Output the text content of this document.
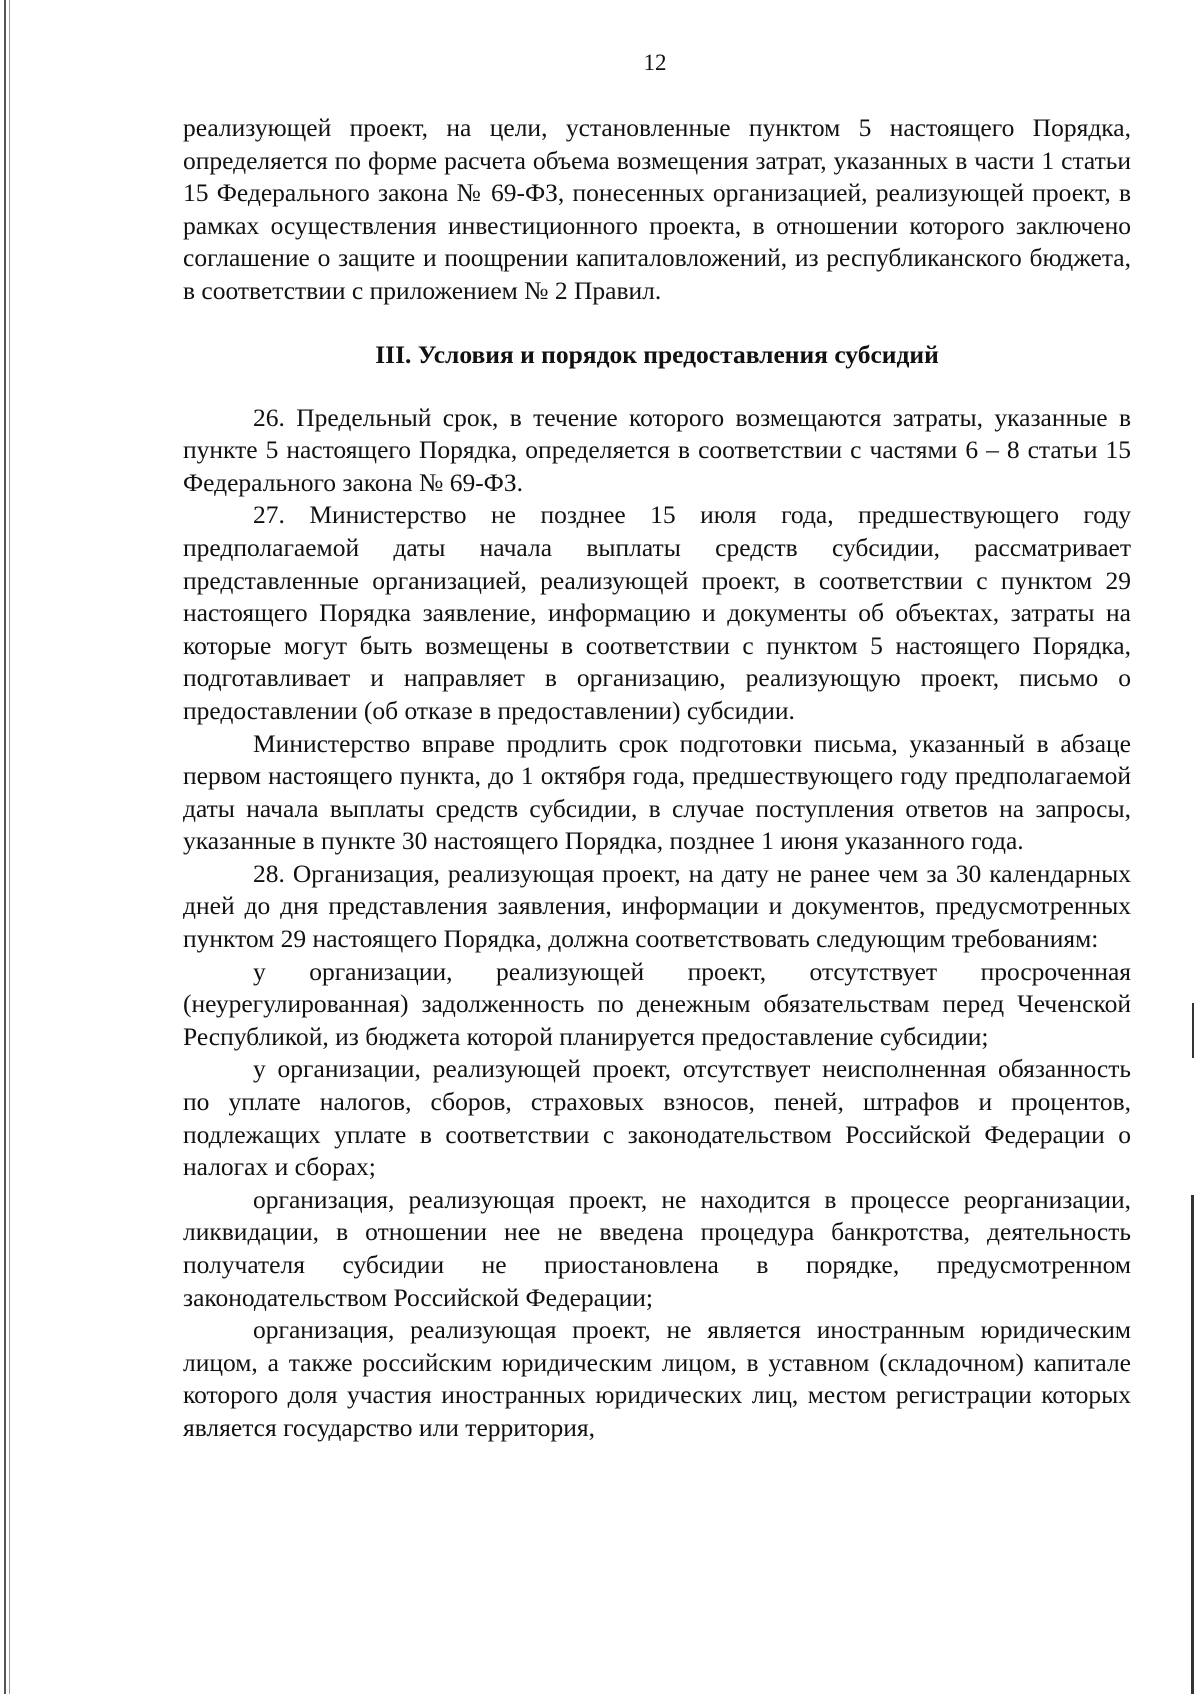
12

реализующей проект, на цели, установленные пунктом 5 настоящего Порядка, определяется по форме расчета объема возмещения затрат, указанных в части 1 статьи 15 Федерального закона № 69-ФЗ, понесенных организацией, реализующей проект, в рамках осуществления инвестиционного проекта, в отношении которого заключено соглашение о защите и поощрении капиталовложений, из республиканского бюджета, в соответствии с приложением № 2 Правил.

III. Условия и порядок предоставления субсидий

26. Предельный срок, в течение которого возмещаются затраты, указанные в пункте 5 настоящего Порядка, определяется в соответствии с частями 6 – 8 статьи 15 Федерального закона № 69-ФЗ.

27. Министерство не позднее 15 июля года, предшествующего году предполагаемой даты начала выплаты средств субсидии, рассматривает представленные организацией, реализующей проект, в соответствии с пунктом 29 настоящего Порядка заявление, информацию и документы об объектах, затраты на которые могут быть возмещены в соответствии с пунктом 5 настоящего Порядка, подготавливает и направляет в организацию, реализующую проект, письмо о предоставлении (об отказе в предоставлении) субсидии.

Министерство вправе продлить срок подготовки письма, указанный в абзаце первом настоящего пункта, до 1 октября года, предшествующего году предполагаемой даты начала выплаты средств субсидии, в случае поступления ответов на запросы, указанные в пункте 30 настоящего Порядка, позднее 1 июня указанного года.

28. Организация, реализующая проект, на дату не ранее чем за 30 календарных дней до дня представления заявления, информации и документов, предусмотренных пунктом 29 настоящего Порядка, должна соответствовать следующим требованиям:

у организации, реализующей проект, отсутствует просроченная (неурегулированная) задолженность по денежным обязательствам перед Чеченской Республикой, из бюджета которой планируется предоставление субсидии;

у организации, реализующей проект, отсутствует неисполненная обязанность по уплате налогов, сборов, страховых взносов, пеней, штрафов и процентов, подлежащих уплате в соответствии с законодательством Российской Федерации о налогах и сборах;

организация, реализующая проект, не находится в процессе реорганизации, ликвидации, в отношении нее не введена процедура банкротства, деятельность получателя субсидии не приостановлена в порядке, предусмотренном законодательством Российской Федерации;

организация, реализующая проект, не является иностранным юридическим лицом, а также российским юридическим лицом, в уставном (складочном) капитале которого доля участия иностранных юридических лиц, местом регистрации которых является государство или территория,
